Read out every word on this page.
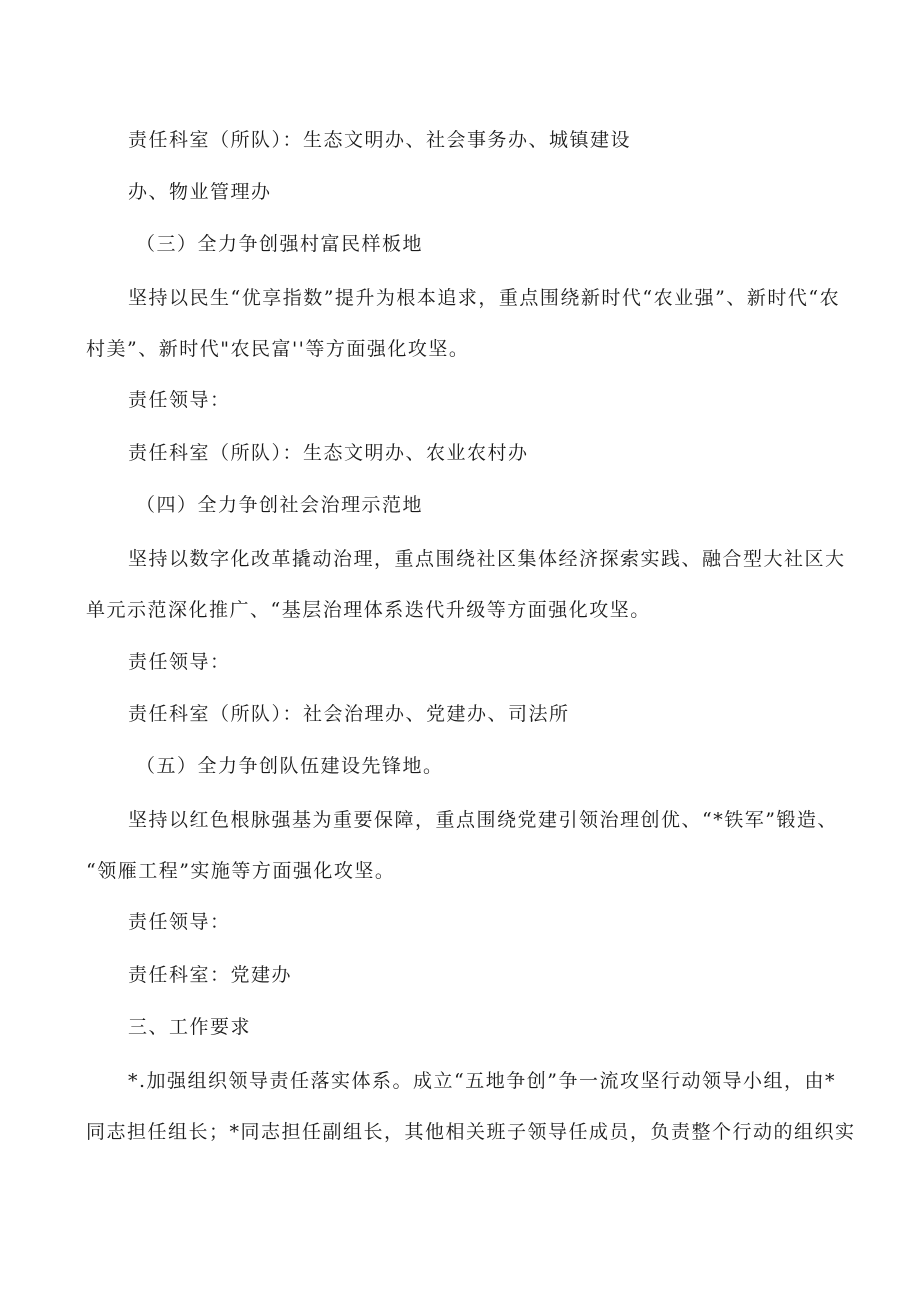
责任科室（所队）：生态文明办、社会事务办、城镇建设
办、物业管理办
（三）全力争创强村富民样板地
坚持以民生“优享指数”提升为根本追求，重点围绕新时代“农业强”、新时代“农
村美”、新时代"农民富''等方面强化攻坚。
责任领导：
责任科室（所队）：生态文明办、农业农村办
（四）全力争创社会治理示范地
坚持以数字化改革撬动治理，重点围绕社区集体经济探索实践、融合型大社区大
单元示范深化推广、“基层治理体系迭代升级等方面强化攻坚。
责任领导：
责任科室（所队）：社会治理办、党建办、司法所
（五）全力争创队伍建设先锋地。
坚持以红色根脉强基为重要保障，重点围绕党建引领治理创优、“*铁军”锻造、
“领雁工程”实施等方面强化攻坚。
责任领导：
责任科室：党建办
三、工作要求
*.加强组织领导责任落实体系。成立“五地争创”争一流攻坚行动领导小组，由*
同志担任组长；*同志担任副组长，其他相关班子领导任成员，负责整个行动的组织实
